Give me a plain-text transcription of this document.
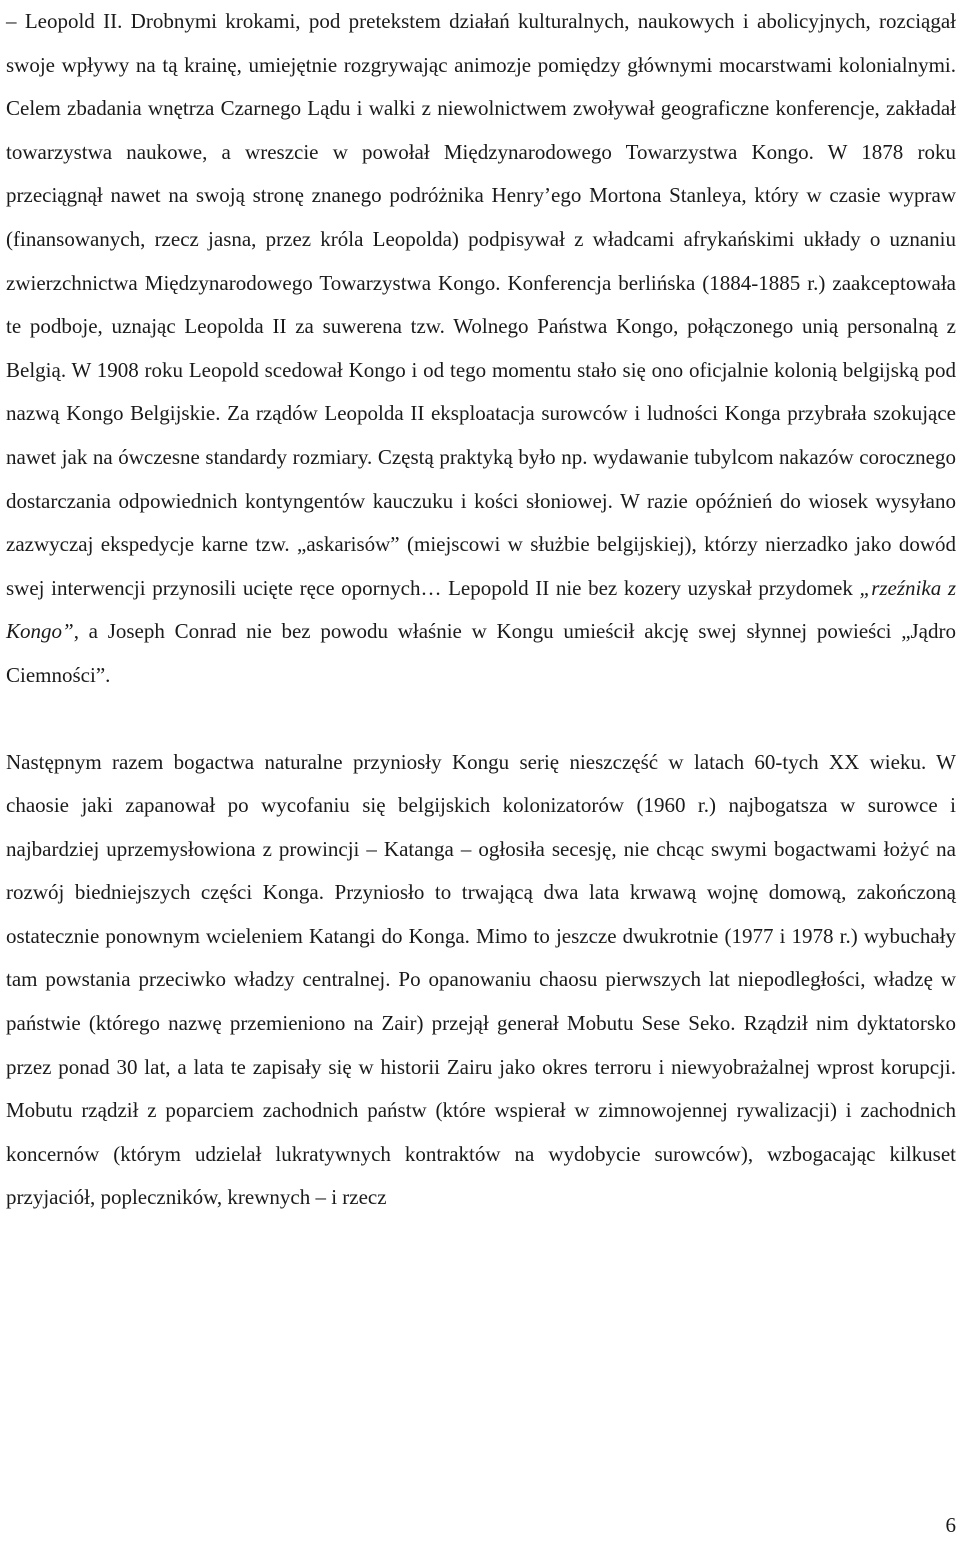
– Leopold II. Drobnymi krokami, pod pretekstem działań kulturalnych, naukowych i abolicyjnych, rozciągał swoje wpływy na tą krainę, umiejętnie rozgrywając animozje pomiędzy głównymi mocarstwami kolonialnymi. Celem zbadania wnętrza Czarnego Lądu i walki z niewolnictwem zwoływał geograficzne konferencje, zakładał towarzystwa naukowe, a wreszcie w powołał Międzynarodowego Towarzystwa Kongo. W 1878 roku przeciągnął nawet na swoją stronę znanego podróżnika Henry’ego Mortona Stanleya, który w czasie wypraw (finansowanych, rzecz jasna, przez króla Leopolda) podpisywał z władcami afrykańskimi układy o uznaniu zwierzchnictwa Międzynarodowego Towarzystwa Kongo. Konferencja berlińska (1884-1885 r.) zaakceptowała te podboje, uznając Leopolda II za suwerena tzw. Wolnego Państwa Kongo, połączonego unią personalną z Belgią. W 1908 roku Leopold scedował Kongo i od tego momentu stało się ono oficjalnie kolonią belgijską pod nazwą Kongo Belgijskie. Za rządów Leopolda II eksploatacja surowców i ludności Konga przybrała szokujące nawet jak na ówczesne standardy rozmiary. Częstą praktyką było np. wydawanie tubylcom nakazów corocznego dostarczania odpowiednich kontyngentów kauczuku i kości słoniowej. W razie opóźnień do wiosek wysyłano zazwyczaj ekspedycje karne tzw. „askarisów” (miejscowi w służbie belgijskiej), którzy nierzadko jako dowód swej interwencji przynosili ucięte ręce opornych… Lepopold II nie bez kozery uzyskał przydomek „rzeźnika z Kongo”, a Joseph Conrad nie bez powodu właśnie w Kongu umieścił akcję swej słynnej powieści „Jądro Ciemności”.

Następnym razem bogactwa naturalne przyniosły Kongu serię nieszczęść w latach 60-tych XX wieku. W chaosie jaki zapanował po wycofaniu się belgijskich kolonizatorów (1960 r.) najbogatsza w surowce i najbardziej uprzemysłowiona z prowincji – Katanga – ogłosiła secesję, nie chcąc swymi bogactwami łożyć na rozwój biedniejszych części Konga. Przyniosło to trwającą dwa lata krwawą wojnę domową, zakończoną ostatecznie ponownym wcieleniem Katangi do Konga. Mimo to jeszcze dwukrotnie (1977 i 1978 r.) wybuchały tam powstania przeciwko władzy centralnej. Po opanowaniu chaosu pierwszych lat niepodległości, władzę w państwie (którego nazwę przemieniono na Zair) przejął generał Mobutu Sese Seko. Rządził nim dyktatorsko przez ponad 30 lat, a lata te zapisały się w historii Zairu jako okres terroru i niewyobrażalnej wprost korupcji. Mobutu rządził z poparciem zachodnich państw (które wspierał w zimnowojennej rywalizacji) i zachodnich koncernów (którym udzielał lukratywnych kontraktów na wydobycie surowców), wzbogacając kilkuset przyjaciół, popleczników, krewnych – i rzecz

6
